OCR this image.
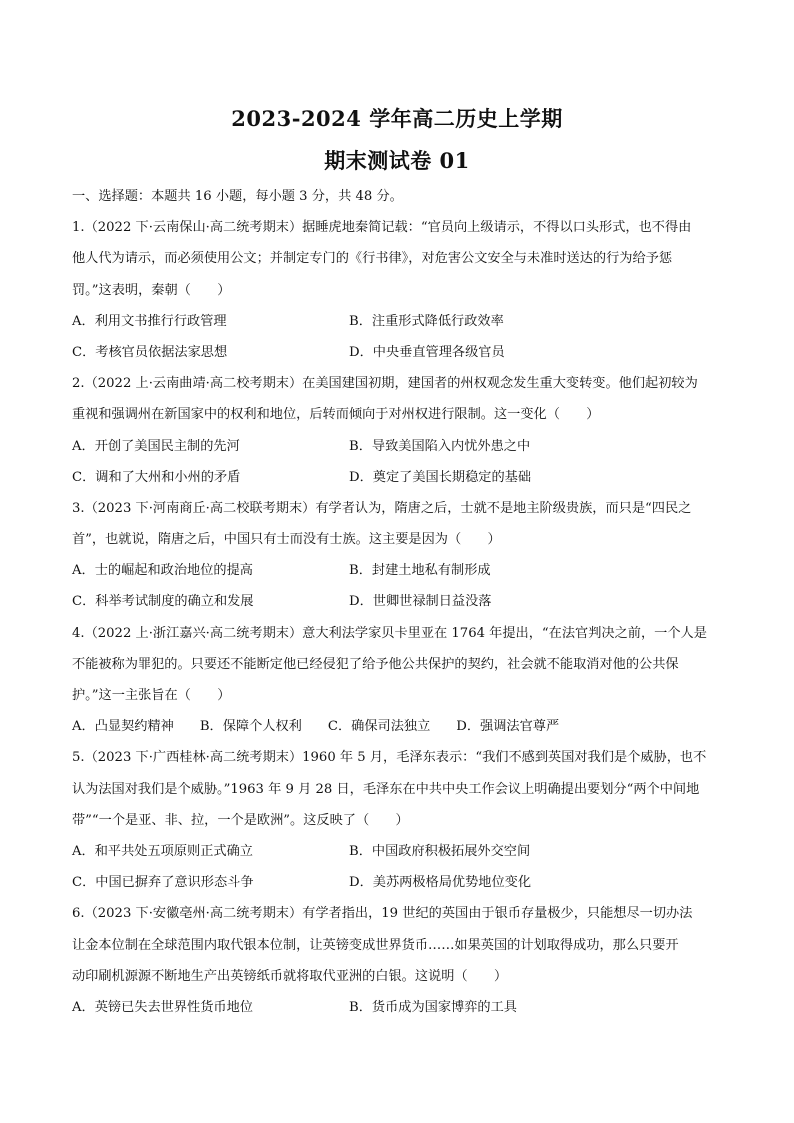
2023-2024 学年高二历史上学期
期末测试卷 01
一、选择题：本题共 16 小题，每小题 3 分，共 48 分。
1.（2022 下·云南保山·高二统考期末）据睡虎地秦简记载：“官员向上级请示，不得以口头形式，也不得由
他人代为请示，而必须使用公文；并制定专门的《行书律》，对危害公文安全与未准时送达的行为给予惩
罚。”这表明，秦朝（　　）
A．利用文书推行行政管理	B．注重形式降低行政效率
C．考核官员依据法家思想	D．中央垂直管理各级官员
2.（2022 上·云南曲靖·高二校考期末）在美国建国初期，建国者的州权观念发生重大变转变。他们起初较为
重视和强调州在新国家中的权利和地位，后转而倾向于对州权进行限制。这一变化（　　）
A．开创了美国民主制的先河	B．导致美国陷入内忧外患之中
C．调和了大州和小州的矛盾	D．奠定了美国长期稳定的基础
3.（2023 下·河南商丘·高二校联考期末）有学者认为，隋唐之后，士就不是地主阶级贵族，而只是“四民之
首”，也就说，隋唐之后，中国只有士而没有士族。这主要是因为（　　）
A．士的崛起和政治地位的提高	B．封建土地私有制形成
C．科举考试制度的确立和发展	D．世卿世禄制日益没落
4.（2022 上·浙江嘉兴·高二统考期末）意大利法学家贝卡里亚在 1764 年提出，“在法官判决之前，一个人是
不能被称为罪犯的。只要还不能断定他已经侵犯了给予他公共保护的契约，社会就不能取消对他的公共保
护。”这一主张旨在（　　）
A．凸显契约精神 B．保障个人权利 C．确保司法独立 D．强调法官尊严
5.（2023 下·广西桂林·高二统考期末）1960 年 5 月，毛泽东表示：“我们不感到英国对我们是个威胁，也不
认为法国对我们是个威胁。”1963 年 9 月 28 日，毛泽东在中共中央工作会议上明确提出要划分“两个中间地
带”“一个是亚、非、拉，一个是欧洲”。这反映了（　　）
A．和平共处五项原则正式确立	B．中国政府积极拓展外交空间
C．中国已摒弃了意识形态斗争	D．美苏两极格局优势地位变化
6.（2023 下·安徽亳州·高二统考期末）有学者指出，19 世纪的英国由于银币存量极少，只能想尽一切办法
让金本位制在全球范围内取代银本位制，让英镑变成世界货币……如果英国的计划取得成功，那么只要开
动印刷机源源不断地生产出英镑纸币就将取代亚洲的白银。这说明（　　）
A．英镑已失去世界性货币地位	B．货币成为国家博弈的工具
